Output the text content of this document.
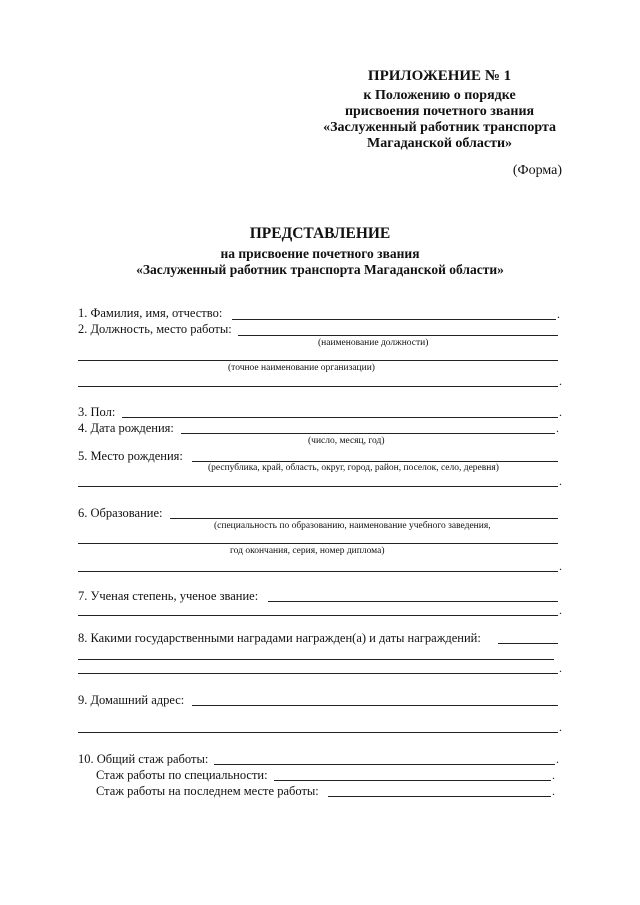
ПРИЛОЖЕНИЕ № 1
к Положению о порядке
присвоения почетного звания
«Заслуженный работник транспорта
Магаданской области»
(Форма)
ПРЕДСТАВЛЕНИЕ
на присвоение почетного звания
«Заслуженный работник транспорта Магаданской области»
1. Фамилия, имя, отчество:	.
2. Должность, место работы:
(наименование должности)
(точное наименование организации)
.
3. Пол:	.
4. Дата рождения:	.
(число, месяц, год)
5. Место рождения:
(республика, край, область, округ, город, район, поселок, село, деревня)
.
6. Образование:
(специальность по образованию, наименование учебного заведения,
год окончания, серия, номер диплома)
.
7. Ученая степень, ученое звание:
.
8. Какими государственными наградами награжден(а) и даты награждений:
.
9. Домашний адрес:
.
10. Общий стаж работы:	.
Стаж работы по специальности:	.
Стаж работы на последнем месте работы:	.
